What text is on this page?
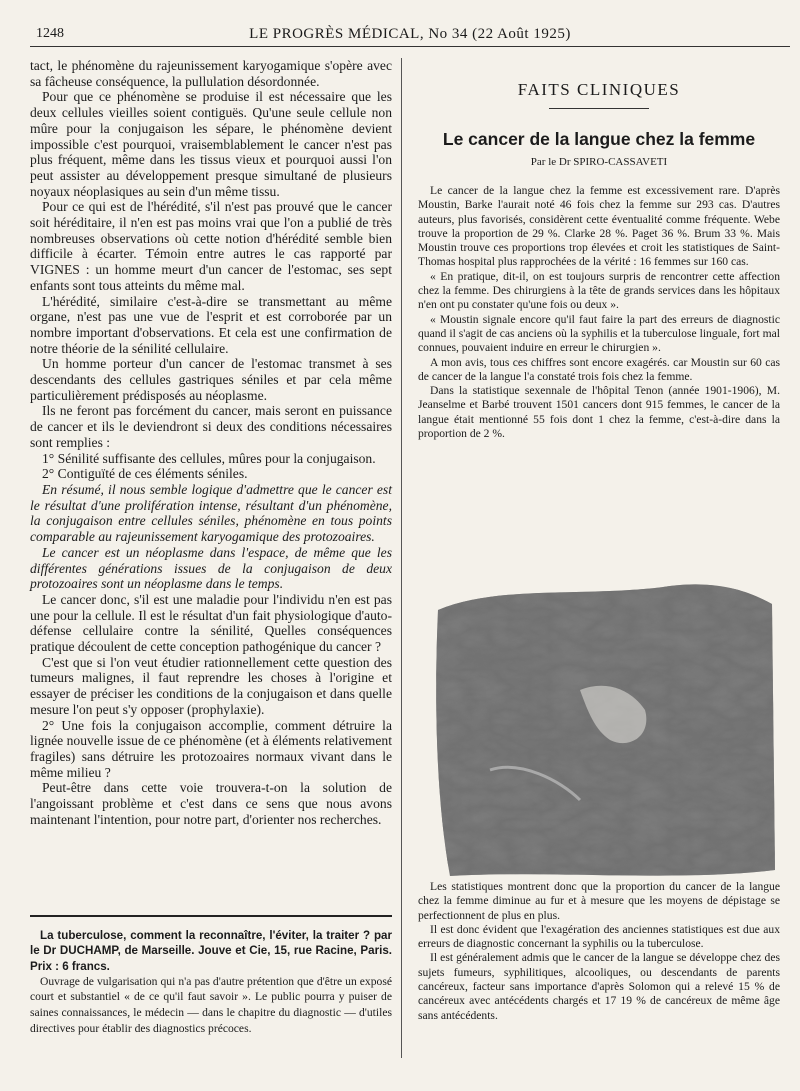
1248	LE PROGRÈS MÉDICAL, No 34 (22 Août 1925)

tact, le phénomène du rajeunissement karyogamique s'opère avec sa fâcheuse conséquence, la pullulation désordonnée.

Pour que ce phénomène se produise il est nécessaire que les deux cellules vieilles soient contiguës. Qu'une seule cellule non mûre pour la conjugaison les sépare, le phénomène devient impossible c'est pourquoi, vraisemblablement le cancer n'est pas plus fréquent, même dans les tissus vieux et pourquoi aussi l'on peut assister au développement presque simultané de plusieurs noyaux néoplasiques au sein d'un même tissu.

Pour ce qui est de l'hérédité, s'il n'est pas prouvé que le cancer soit héréditaire, il n'en est pas moins vrai que l'on a publié de très nombreuses observations où cette notion d'hérédité semble bien difficile à écarter. Témoin entre autres le cas rapporté par VIGNES : un homme meurt d'un cancer de l'estomac, ses sept enfants sont tous atteints du même mal.

L'hérédité, similaire c'est-à-dire se transmettant au même organe, n'est pas une vue de l'esprit et est corroborée par un nombre important d'observations. Et cela est une confirmation de notre théorie de la sénilité cellulaire.

Un homme porteur d'un cancer de l'estomac transmet à ses descendants des cellules gastriques séniles et par cela même particulièrement prédisposés au néoplasme.

Ils ne feront pas forcément du cancer, mais seront en puissance de cancer et ils le deviendront si deux des conditions nécessaires sont remplies :

1° Sénilité suffisante des cellules, mûres pour la conjugaison.

2° Contiguïté de ces éléments séniles.

En résumé, il nous semble logique d'admettre que le cancer est le résultat d'une prolifération intense, résultant d'un phénomène, la conjugaison entre cellules séniles, phénomène en tous points comparable au rajeunissement karyogamique des protozoaires.

Le cancer est un néoplasme dans l'espace, de même que les différentes générations issues de la conjugaison de deux protozoaires sont un néoplasme dans le temps.

Le cancer donc, s'il est une maladie pour l'individu n'en est pas une pour la cellule. Il est le résultat d'un fait physiologique d'auto-défense cellulaire contre la sénilité, Quelles conséquences pratique découlent de cette conception pathogénique du cancer ?

C'est que si l'on veut étudier rationnellement cette question des tumeurs malignes, il faut reprendre les choses à l'origine et essayer de préciser les conditions de la conjugaison et dans quelle mesure l'on peut s'y opposer (prophylaxie).

2° Une fois la conjugaison accomplie, comment détruire la lignée nouvelle issue de ce phénomène (et à éléments relativement fragiles) sans détruire les protozoaires normaux vivant dans le même milieu ?

Peut-être dans cette voie trouvera-t-on la solution de l'angoissant problème et c'est dans ce sens que nous avons maintenant l'intention, pour notre part, d'orienter nos recherches.

La tuberculose, comment la reconnaître, l'éviter, la traiter ? par le Dr DUCHAMP, de Marseille. Jouve et Cie, 15, rue Racine, Paris. Prix : 6 francs.

Ouvrage de vulgarisation qui n'a pas d'autre prétention que d'être un exposé court et substantiel « de ce qu'il faut savoir ». Le public pourra y puiser de saines connaissances, le médecin — dans le chapitre du diagnostic — d'utiles directives pour établir des diagnostics précoces.

FAITS CLINIQUES
Le cancer de la langue chez la femme
Par le Dr SPIRO-CASSAVETI

Le cancer de la langue chez la femme est excessivement rare. D'après Moustin, Barke l'aurait noté 46 fois chez la femme sur 293 cas. D'autres auteurs, plus favorisés, considèrent cette éventualité comme fréquente. Webe trouve la proportion de 29 %. Clarke 28 %. Paget 36 %. Brum 33 %. Mais Moustin trouve ces proportions trop élevées et croit les statistiques de Saint-Thomas hospital plus rapprochées de la vérité : 16 femmes sur 160 cas.

« En pratique, dit-il, on est toujours surpris de rencontrer cette affection chez la femme. Des chirurgiens à la tête de grands services dans les hôpitaux n'en ont pu constater qu'une fois ou deux ».

« Moustin signale encore qu'il faut faire la part des erreurs de diagnostic quand il s'agit de cas anciens où la syphilis et la tuberculose linguale, fort mal connues, pouvaient induire en erreur le chirurgien ».

A mon avis, tous ces chiffres sont encore exagérés. car Moustin sur 60 cas de cancer de la langue l'a constaté trois fois chez la femme.

Dans la statistique sexennale de l'hôpital Tenon (année 1901-1906), M. Jeanselme et Barbé trouvent 1501 cancers dont 915 femmes, le cancer de la langue était mentionné 55 fois dont 1 chez la femme, c'est-à-dire dans la proportion de 2 %.

Les statistiques montrent donc que la proportion du cancer de la langue chez la femme diminue au fur et à mesure que les moyens de dépistage se perfectionnent de plus en plus.

Il est donc évident que l'exagération des anciennes statistiques est due aux erreurs de diagnostic concernant la syphilis ou la tuberculose.

Il est généralement admis que le cancer de la langue se développe chez des sujets fumeurs, syphilitiques, alcooliques, ou descendants de parents cancéreux, facteur sans importance d'après Solomon qui a relevé 15 % de cancéreux avec antécédents chargés et 17 19 % de cancéreux de même âge sans antécédents.
